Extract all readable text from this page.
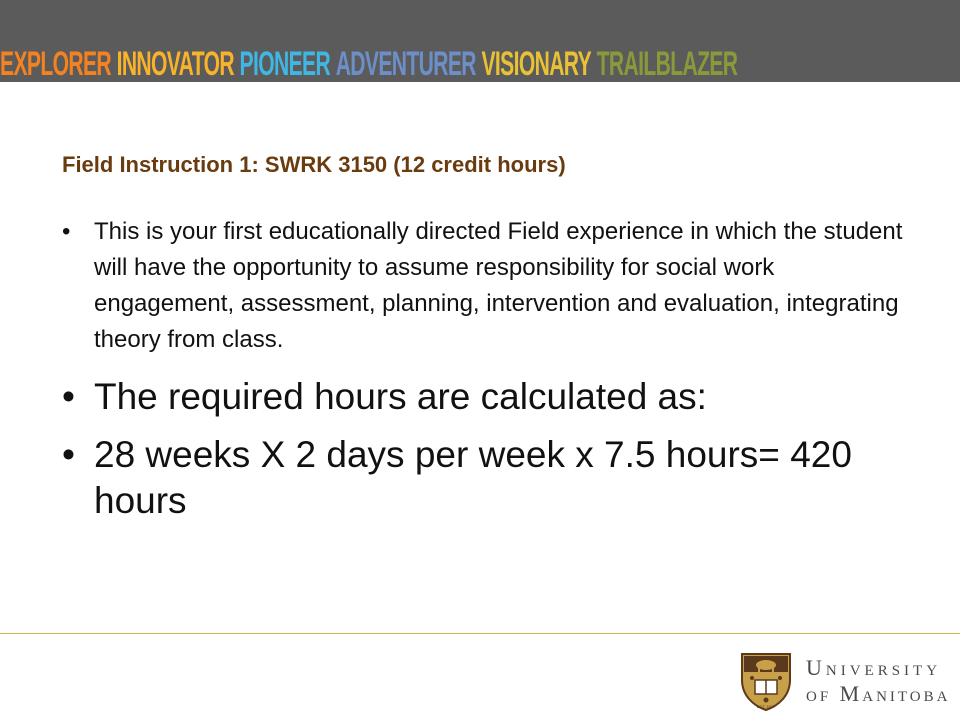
EXPLORER INNOVATOR PIONEER ADVENTURER VISIONARY TRAILBLAZER
Field Instruction 1: SWRK 3150 (12 credit hours)
• This is your first educationally directed Field experience in which the student will have the opportunity to assume responsibility for social work engagement, assessment, planning, intervention and evaluation, integrating theory from class.
• The required hours are calculated as:
• 28 weeks X 2 days per week x 7.5 hours= 420 hours
EST. 1877
University
of Manitoba
